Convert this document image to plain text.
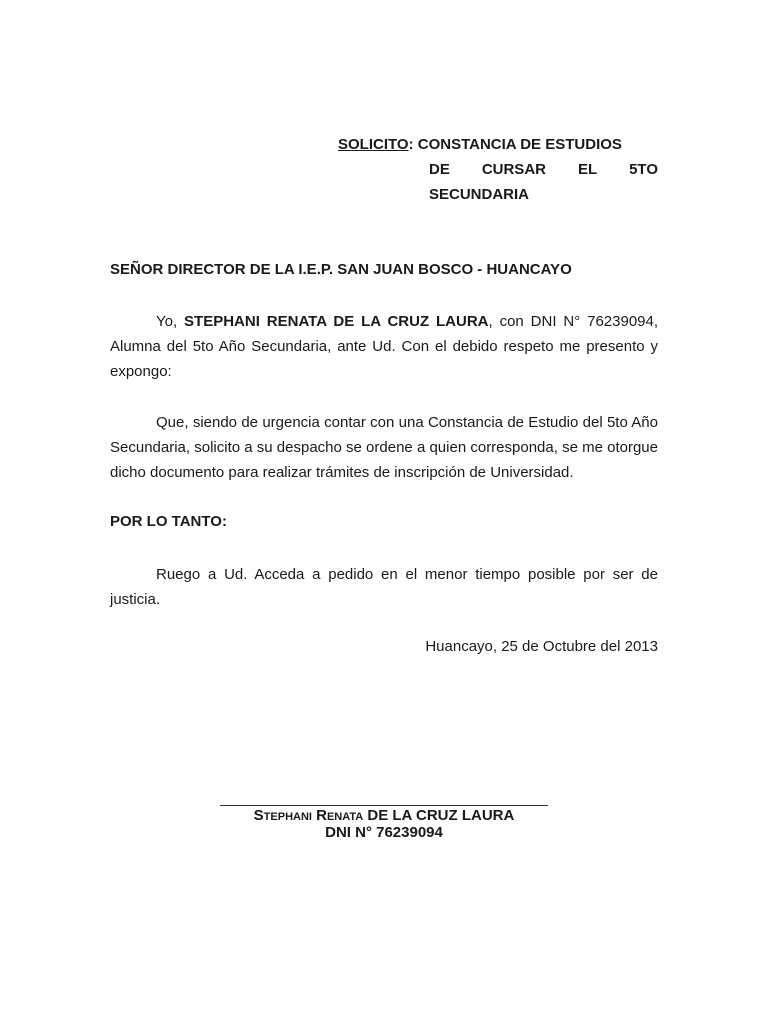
SOLICITO: CONSTANCIA DE ESTUDIOS
DE CURSAR EL 5TO
SECUNDARIA
SEÑOR DIRECTOR DE LA I.E.P. SAN JUAN BOSCO - HUANCAYO
Yo, STEPHANI RENATA DE LA CRUZ LAURA, con DNI N° 76239094, Alumna del 5to Año Secundaria, ante Ud. Con el debido respeto me presento y expongo:
Que, siendo de urgencia contar con una Constancia de Estudio del 5to Año Secundaria, solicito a su despacho se ordene a quien corresponda, se me otorgue dicho documento para realizar trámites de inscripción de Universidad.
POR LO TANTO:
Ruego a Ud. Acceda a pedido en el menor tiempo posible por ser de justicia.
Huancayo, 25 de Octubre del 2013
Stephani Renata DE LA CRUZ LAURA
DNI N° 76239094
